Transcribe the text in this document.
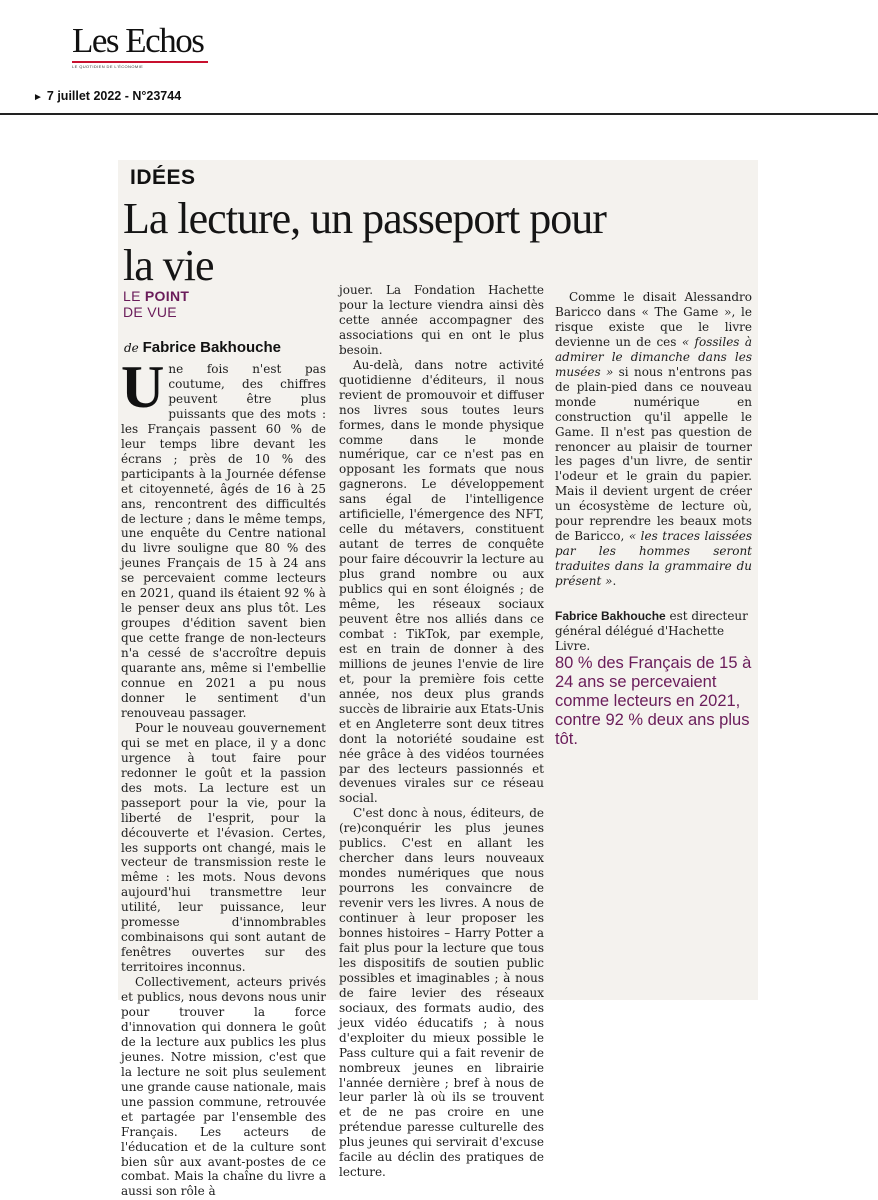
Les Echos
LE QUOTIDIEN DE L'ÉCONOMIE
► 7 juillet 2022 - N°23744
IDÉES
La lecture, un passeport pour la vie
LE POINT
DE VUE
de Fabrice Bakhouche

Une fois n'est pas coutume, des chiffres peuvent être plus puissants que des mots : les Français passent 60 % de leur temps libre devant les écrans ; près de 10 % des participants à la Journée défense et citoyenneté, âgés de 16 à 25 ans, rencontrent des difficultés de lecture ; dans le même temps, une enquête du Centre national du livre souligne que 80 % des jeunes Français de 15 à 24 ans se percevaient comme lecteurs en 2021, quand ils étaient 92 % à le penser deux ans plus tôt. Les groupes d'édition savent bien que cette frange de non-lecteurs n'a cessé de s'accroître depuis quarante ans, même si l'embellie connue en 2021 a pu nous donner le sentiment d'un renouveau passager.

Pour le nouveau gouvernement qui se met en place, il y a donc urgence à tout faire pour redonner le goût et la passion des mots. La lecture est un passeport pour la vie, pour la liberté de l'esprit, pour la découverte et l'évasion. Certes, les supports ont changé, mais le vecteur de transmission reste le même : les mots. Nous devons aujourd'hui transmettre leur utilité, leur puissance, leur promesse d'innombrables combinaisons qui sont autant de fenêtres ouvertes sur des territoires inconnus.

Collectivement, acteurs privés et publics, nous devons nous unir pour trouver la force d'innovation qui donnera le goût de la lecture aux publics les plus jeunes. Notre mission, c'est que la lecture ne soit plus seulement une grande cause nationale, mais une passion commune, retrouvée et partagée par l'ensemble des Français. Les acteurs de l'éducation et de la culture sont bien sûr aux avant-postes de ce combat. Mais la chaîne du livre a aussi son rôle à

jouer. La Fondation Hachette pour la lecture viendra ainsi dès cette année accompagner des associations qui en ont le plus besoin.

Au-delà, dans notre activité quotidienne d'éditeurs, il nous revient de promouvoir et diffuser nos livres sous toutes leurs formes, dans le monde physique comme dans le monde numérique, car ce n'est pas en opposant les formats que nous gagnerons. Le développement sans égal de l'intelligence artificielle, l'émergence des NFT, celle du métavers, constituent autant de terres de conquête pour faire découvrir la lecture au plus grand nombre ou aux publics qui en sont éloignés ; de même, les réseaux sociaux peuvent être nos alliés dans ce combat : TikTok, par exemple, est en train de donner à des millions de jeunes l'envie de lire et, pour la première fois cette année, nos deux plus grands succès de librairie aux Etats-Unis et en Angleterre sont deux titres dont la notoriété soudaine est née grâce à des vidéos tournées par des lecteurs passionnés et devenues virales sur ce réseau social.

C'est donc à nous, éditeurs, de (re)conquérir les plus jeunes publics. C'est en allant les chercher dans leurs nouveaux mondes numériques que nous pourrons les convaincre de revenir vers les livres. A nous de continuer à leur proposer les bonnes histoires – Harry Potter a fait plus pour la lecture que tous les dispositifs de soutien public possibles et imaginables ; à nous de faire levier des réseaux sociaux, des formats audio, des jeux vidéo éducatifs ; à nous d'exploiter du mieux possible le Pass culture qui a fait revenir de nombreux jeunes en librairie l'année dernière ; bref à nous de leur parler là où ils se trouvent et de ne pas croire en une prétendue paresse culturelle des plus jeunes qui servirait d'excuse facile au déclin des pratiques de lecture.

Comme le disait Alessandro Baricco dans « The Game », le risque existe que le livre devienne un de ces « fossiles à admirer le dimanche dans les musées » si nous n'entrons pas de plain-pied dans ce nouveau monde numérique en construction qu'il appelle le Game. Il n'est pas question de renoncer au plaisir de tourner les pages d'un livre, de sentir l'odeur et le grain du papier. Mais il devient urgent de créer un écosystème de lecture où, pour reprendre les beaux mots de Baricco, « les traces laissées par les hommes seront traduites dans la grammaire du présent ».

Fabrice Bakhouche est directeur général délégué d'Hachette Livre.

80 % des Français de 15 à 24 ans se percevaient comme lecteurs en 2021, contre 92 % deux ans plus tôt.
